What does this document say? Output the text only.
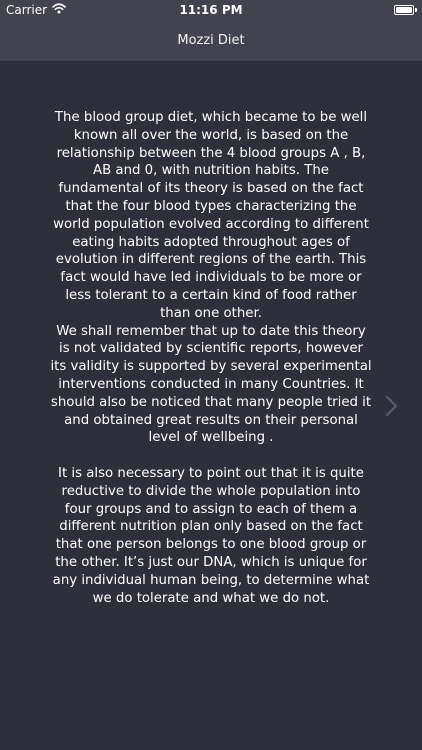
Carrier	11:16 PM
Mozzi Diet

The blood group diet, which became to be well known all over the world, is based on the relationship between the 4 blood groups A , B, AB and 0, with nutrition habits. The fundamental of its theory is based on the fact that the four blood types characterizing the world population evolved according to different eating habits adopted throughout ages of evolution in different regions of the earth. This fact would have led individuals to be more or less tolerant to a certain kind of food rather than one other.

We shall remember that up to date this theory is not validated by scientific reports, however its validity is supported by several experimental interventions conducted in many Countries. It should also be noticed that many people tried it and obtained great results on their personal level of wellbeing .

It is also necessary to point out that it is quite reductive to divide the whole population into four groups and to assign to each of them a different nutrition plan only based on the fact that one person belongs to one blood group or the other. It’s just our DNA, which is unique for any individual human being, to determine what we do tolerate and what we do not.
